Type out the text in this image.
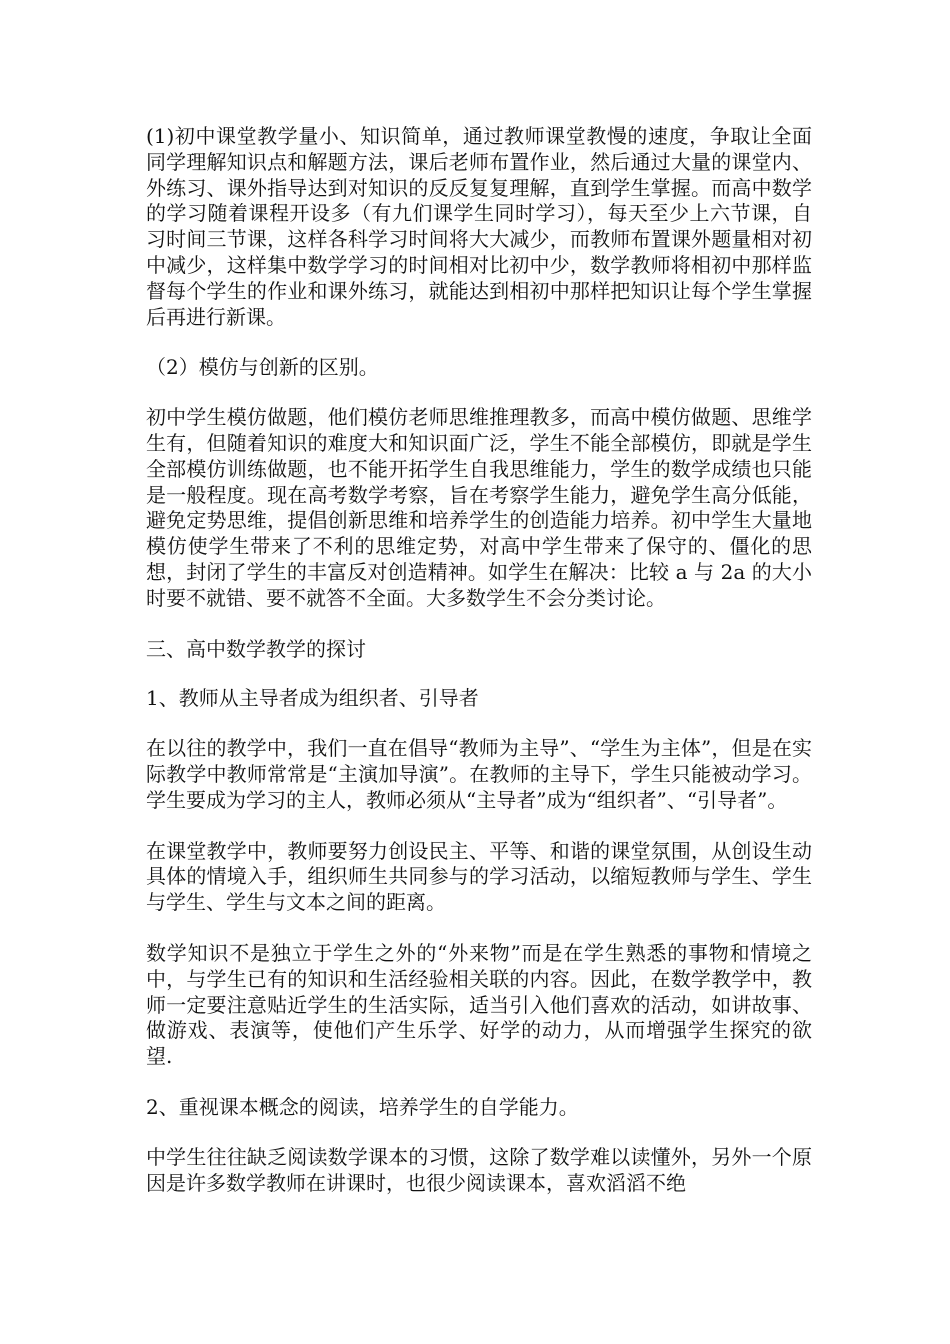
(1)初中课堂教学量小、知识简单，通过教师课堂教慢的速度，争取让全面同学理解知识点和解题方法，课后老师布置作业，然后通过大量的课堂内、外练习、课外指导达到对知识的反反复复理解，直到学生掌握。而高中数学的学习随着课程开设多（有九们课学生同时学习），每天至少上六节课，自习时间三节课，这样各科学习时间将大大减少，而教师布置课外题量相对初中减少，这样集中数学学习的时间相对比初中少，数学教师将相初中那样监督每个学生的作业和课外练习，就能达到相初中那样把知识让每个学生掌握后再进行新课。

（2）模仿与创新的区别。

初中学生模仿做题，他们模仿老师思维推理教多，而高中模仿做题、思维学生有，但随着知识的难度大和知识面广泛，学生不能全部模仿，即就是学生全部模仿训练做题，也不能开拓学生自我思维能力，学生的数学成绩也只能是一般程度。现在高考数学考察，旨在考察学生能力，避免学生高分低能，避免定势思维，提倡创新思维和培养学生的创造能力培养。初中学生大量地模仿使学生带来了不利的思维定势，对高中学生带来了保守的、僵化的思想，封闭了学生的丰富反对创造精神。如学生在解决：比较 a 与 2a 的大小时要不就错、要不就答不全面。大多数学生不会分类讨论。

三、高中数学教学的探讨

1、教师从主导者成为组织者、引导者

在以往的教学中，我们一直在倡导“教师为主导”、“学生为主体”，但是在实际教学中教师常常是“主演加导演”。在教师的主导下，学生只能被动学习。学生要成为学习的主人，教师必须从“主导者”成为“组织者”、“引导者”。

在课堂教学中，教师要努力创设民主、平等、和谐的课堂氛围，从创设生动具体的情境入手，组织师生共同参与的学习活动，以缩短教师与学生、学生与学生、学生与文本之间的距离。

数学知识不是独立于学生之外的“外来物”而是在学生熟悉的事物和情境之中，与学生已有的知识和生活经验相关联的内容。因此，在数学教学中，教师一定要注意贴近学生的生活实际，适当引入他们喜欢的活动，如讲故事、做游戏、表演等，使他们产生乐学、好学的动力，从而增强学生探究的欲望.

2、重视课本概念的阅读，培养学生的自学能力。

中学生往往缺乏阅读数学课本的习惯，这除了数学难以读懂外，另外一个原因是许多数学教师在讲课时，也很少阅读课本，喜欢滔滔不绝
